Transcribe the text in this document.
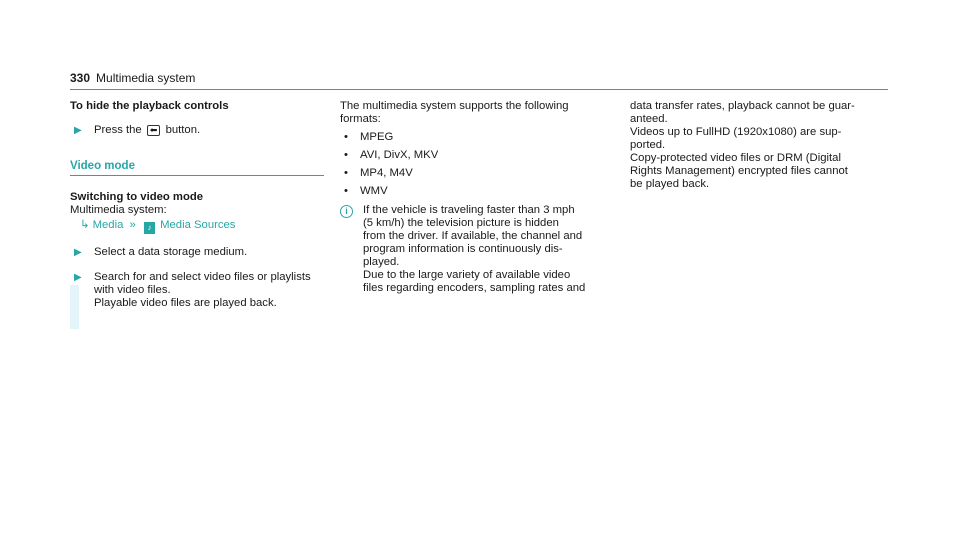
330 Multimedia system
To hide the playback controls
▶	Press the ⬅ button.
Video mode
Switching to video mode
Multimedia system:
↳ Media » ♪ Media Sources
▶	Select a data storage medium.
▶	Search for and select video files or playlists
with video files.
Playable video files are played back.
The multimedia system supports the following
formats:
•	MPEG
•	AVI, DivX, MKV
•	MP4, M4V
•	WMV
i	If the vehicle is traveling faster than 3 mph
(5 km/h) the television picture is hidden
from the driver. If available, the channel and
program information is continuously dis-
played.
Due to the large variety of available video
files regarding encoders, sampling rates and
data transfer rates, playback cannot be guar-
anteed.
Videos up to FullHD (1920x1080) are sup-
ported.
Copy-protected video files or DRM (Digital
Rights Management) encrypted files cannot
be played back.
